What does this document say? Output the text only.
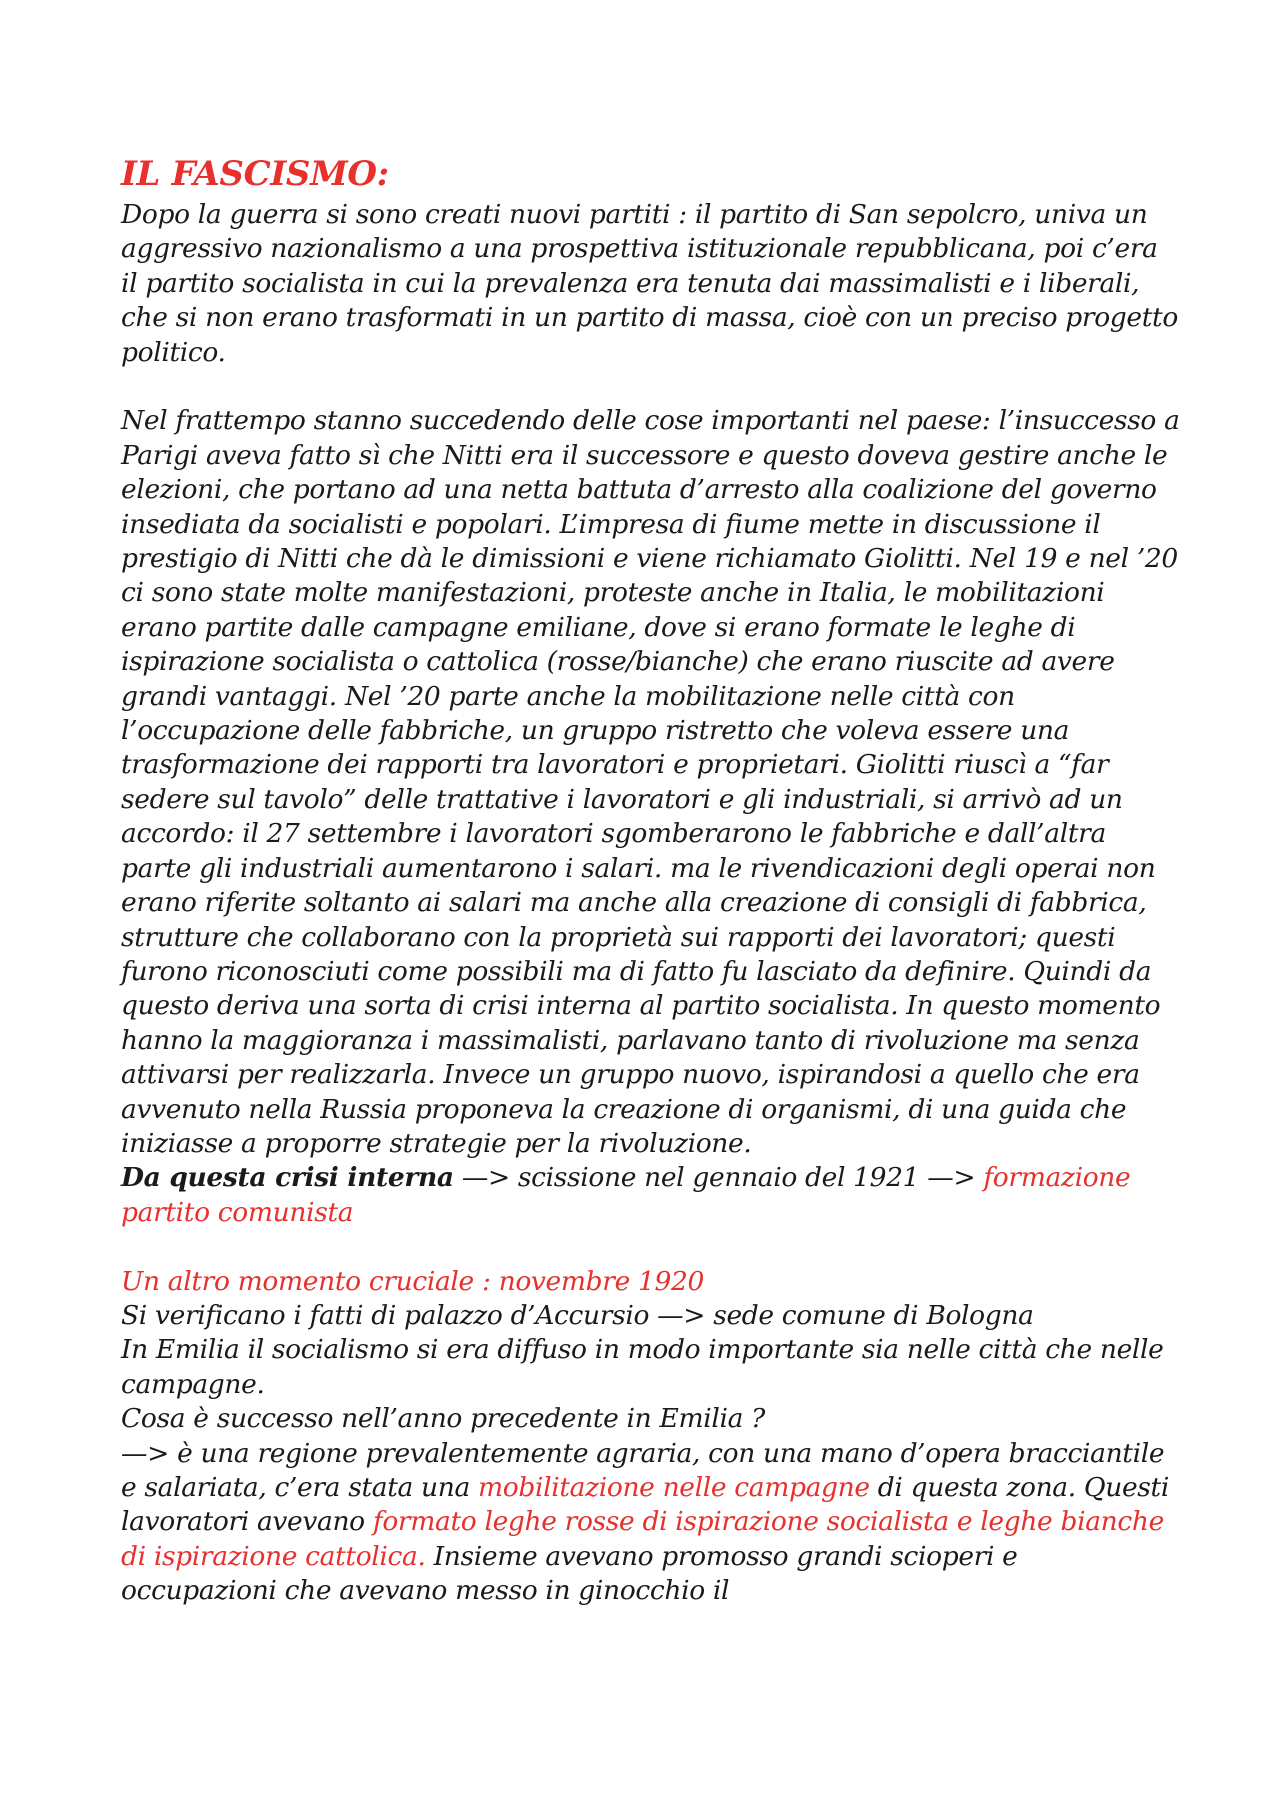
IL FASCISMO:

Dopo la guerra si sono creati nuovi partiti : il partito di San sepolcro, univa un aggressivo nazionalismo a una prospettiva istituzionale repubblicana, poi c’era il partito socialista in cui la prevalenza era tenuta dai massimalisti e i liberali, che si non erano trasformati in un partito di massa, cioè con un preciso progetto politico.

Nel frattempo stanno succedendo delle cose importanti nel paese: l’insuccesso a Parigi aveva fatto sì che Nitti era il successore e questo doveva gestire anche le elezioni, che portano ad una netta battuta d’arresto alla coalizione del governo insediata da socialisti e popolari. L’impresa di fiume mette in discussione il prestigio di Nitti che dà le dimissioni e viene richiamato Giolitti. Nel 19 e nel ’20 ci sono state molte manifestazioni, proteste anche in Italia, le mobilitazioni erano partite dalle campagne emiliane, dove si erano formate le leghe di ispirazione socialista o cattolica (rosse/bianche) che erano riuscite ad avere grandi vantaggi. Nel ’20 parte anche la mobilitazione nelle città con l’occupazione delle fabbriche, un gruppo ristretto che voleva essere una trasformazione dei rapporti tra lavoratori e proprietari. Giolitti riuscì a “far sedere sul tavolo” delle trattative i lavoratori e gli industriali, si arrivò ad un accordo: il 27 settembre i lavoratori sgomberarono le fabbriche e dall’altra parte gli industriali aumentarono i salari. ma le rivendicazioni degli operai non erano riferite soltanto ai salari ma anche alla creazione di consigli di fabbrica, strutture che collaborano con la proprietà sui rapporti dei lavoratori; questi furono riconosciuti come possibili ma di fatto fu lasciato da definire. Quindi da questo deriva una sorta di crisi interna al partito socialista. In questo momento hanno la maggioranza i massimalisti, parlavano tanto di rivoluzione ma senza attivarsi per realizzarla. Invece un gruppo nuovo, ispirandosi a quello che era avvenuto nella Russia proponeva la creazione di organismi, di una guida che iniziasse a proporre strategie per la rivoluzione.

Da questa crisi interna —> scissione nel gennaio del 1921 —> formazione partito comunista

Un altro momento cruciale : novembre 1920

Si verificano i fatti di palazzo d’Accursio —> sede comune di Bologna

In Emilia il socialismo si era diffuso in modo importante sia nelle città che nelle campagne.

Cosa è successo nell’anno precedente in Emilia ?

—> è una regione prevalentemente agraria, con una mano d’opera bracciantile e salariata, c’era stata una mobilitazione nelle campagne di questa zona. Questi lavoratori avevano formato leghe rosse di ispirazione socialista e leghe bianche di ispirazione cattolica. Insieme avevano promosso grandi scioperi e occupazioni che avevano messo in ginocchio il
